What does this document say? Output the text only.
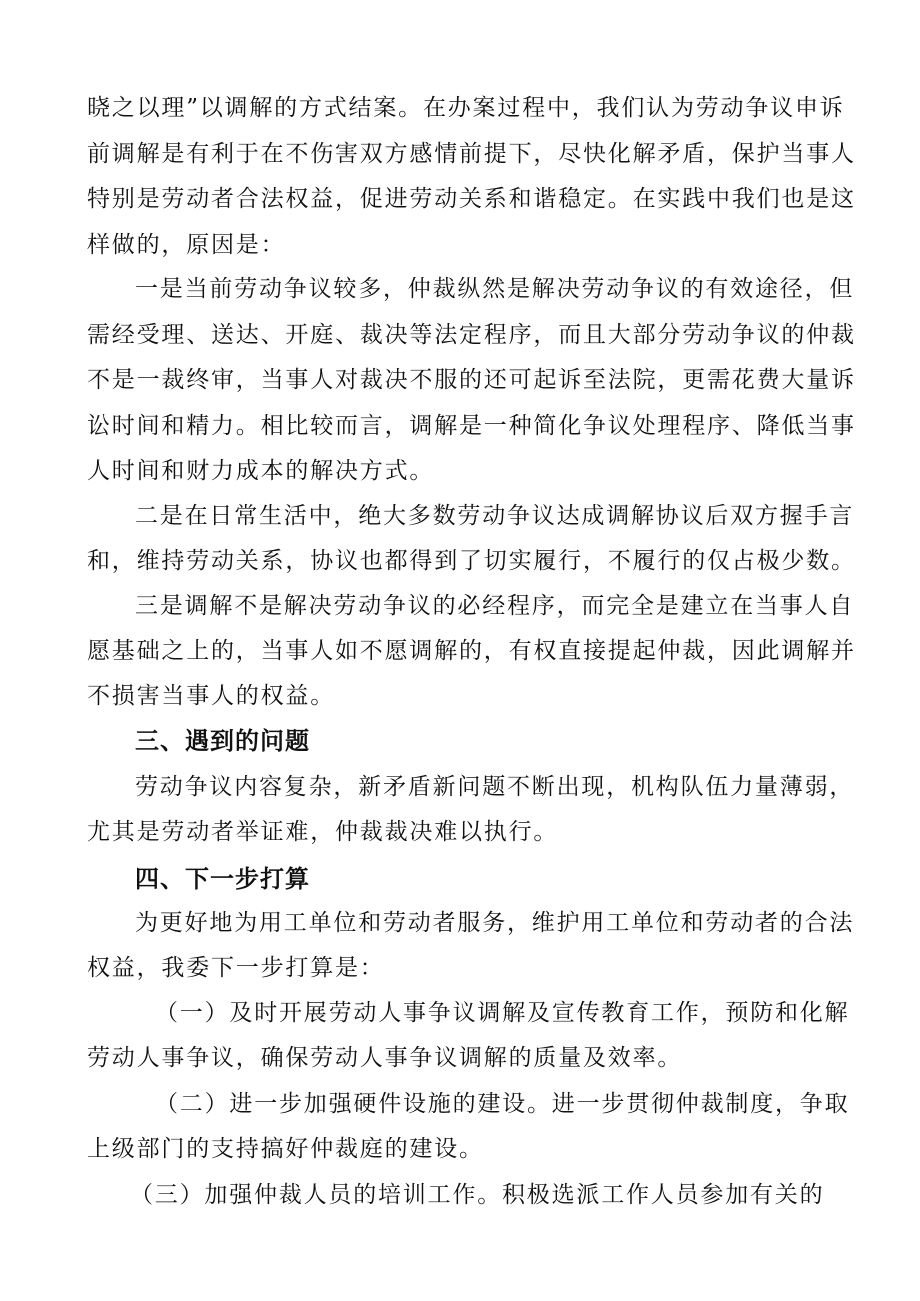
晓之以理”以调解的方式结案。在办案过程中，我们认为劳动争议申诉

前调解是有利于在不伤害双方感情前提下，尽快化解矛盾，保护当事人

特别是劳动者合法权益，促进劳动关系和谐稳定。在实践中我们也是这

样做的，原因是：

一是当前劳动争议较多，仲裁纵然是解决劳动争议的有效途径，但

需经受理、送达、开庭、裁决等法定程序，而且大部分劳动争议的仲裁

不是一裁终审，当事人对裁决不服的还可起诉至法院，更需花费大量诉

讼时间和精力。相比较而言，调解是一种简化争议处理程序、降低当事

人时间和财力成本的解决方式。

二是在日常生活中，绝大多数劳动争议达成调解协议后双方握手言

和，维持劳动关系，协议也都得到了切实履行，不履行的仅占极少数。

三是调解不是解决劳动争议的必经程序，而完全是建立在当事人自

愿基础之上的，当事人如不愿调解的，有权直接提起仲裁，因此调解并

不损害当事人的权益。

三、遇到的问题

劳动争议内容复杂，新矛盾新问题不断出现，机构队伍力量薄弱，

尤其是劳动者举证难，仲裁裁决难以执行。

四、下一步打算

为更好地为用工单位和劳动者服务，维护用工单位和劳动者的合法

权益，我委下一步打算是：

（一）及时开展劳动人事争议调解及宣传教育工作，预防和化解

劳动人事争议，确保劳动人事争议调解的质量及效率。

（二）进一步加强硬件设施的建设。进一步贯彻仲裁制度，争取

上级部门的支持搞好仲裁庭的建设。

（三）加强仲裁人员的培训工作。积极选派工作人员参加有关的
